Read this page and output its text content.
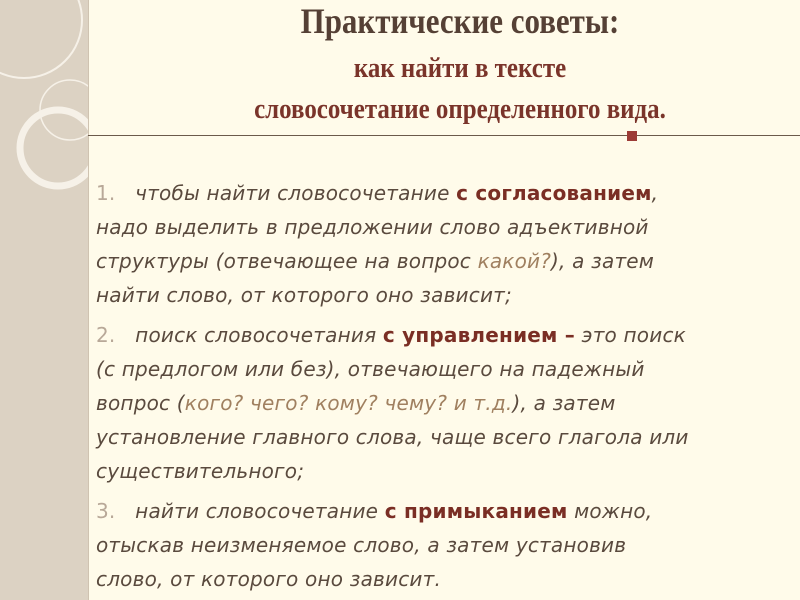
Практические советы:
как найти в тексте
словосочетание определенного вида.

1. чтобы найти словосочетание с согласованием,

надо выделить в предложении слово адъективной

структуры (отвечающее на вопрос какой?), а затем

найти слово, от которого оно зависит;

2. поиск словосочетания с управлением – это поиск

(с предлогом или без), отвечающего на падежный

вопрос (кого? чего? кому? чему? и т.д.), а затем

установление главного слова, чаще всего глагола или

существительного;

3. найти словосочетание с примыканием можно,

отыскав неизменяемое слово, а затем установив

слово, от которого оно зависит.
